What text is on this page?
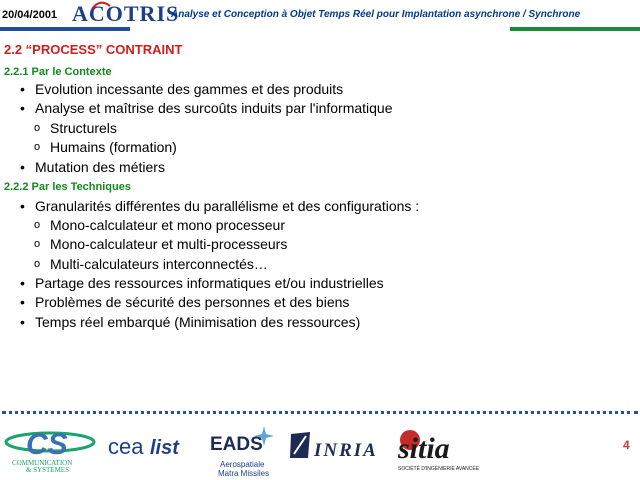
20/04/2001 ACOTRIS
Analyse et Conception à Objet Temps Réel pour Implantation asynchrone / Synchrone
2.2 “PROCESS” CONTRAINT
2.2.1 Par le Contexte
Evolution incessante des gammes et des produits
Analyse et maîtrise des surcoûts induits par l'informatique
o Structurels
o Humains (formation)
Mutation des métiers
2.2.2 Par les Techniques
Granularités différentes du parallélisme et des configurations :
o Mono-calculateur et mono processeur
o Mono-calculateur et multi-processeurs
o Multi-calculateurs interconnectés…
Partage des ressources informatiques et/ou industrielles
Problèmes de sécurité des personnes et des biens
Temps réel embarqué (Minimisation des ressources)
CS
COMMUNICATION
& SYSTEMES
cea list EADS
Aerospatiale
Matra Missiles
INRIA sitia
SOCIÉTÉ D'INGÉNIERIE AVANCÉE
4
